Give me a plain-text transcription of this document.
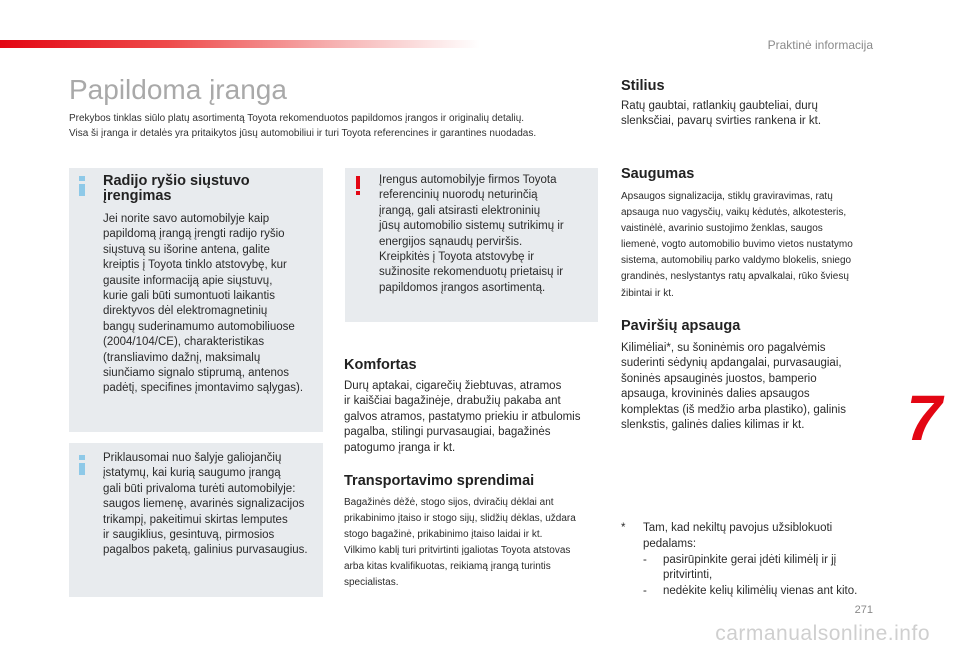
Praktinė informacija
Papildoma įranga
Prekybos tinklas siūlo platų asortimentą Toyota rekomenduotos papildomos įrangos ir originalių detalių.
Visa ši įranga ir detalės yra pritaikytos jūsų automobiliui ir turi Toyota referencines ir garantines nuodadas.
Radijo ryšio siųstuvo įrengimas
Jei norite savo automobilyje kaip
papildomą įrangą įrengti radijo ryšio
siųstuvą su išorine antena, galite
kreiptis į Toyota tinklo atstovybę, kur
gausite informaciją apie siųstuvų,
kurie gali būti sumontuoti laikantis
direktyvos dėl elektromagnetinių
bangų suderinamumo automobiliuose
(2004/104/CE), charakteristikas
(transliavimo dažnį, maksimalų
siunčiamo signalo stiprumą, antenos
padėtį, specifines įmontavimo sąlygas).
Įrengus automobilyje firmos Toyota
referencinių nuorodų neturinčią
įrangą, gali atsirasti elektroninių
jūsų automobilio sistemų sutrikimų ir
energijos sąnaudų perviršis.
Kreipkitės į Toyota atstovybę ir
sužinosite rekomenduotų prietaisų ir
papildomos įrangos asortimentą.
Priklausomai nuo šalyje galiojančių
įstatymų, kai kurią saugumo įrangą
gali būti privaloma turėti automobilyje:
saugos liemenę, avarinės signalizacijos
trikampį, pakeitimui skirtas lemputes
ir saugiklius, gesintuvą, pirmosios
pagalbos paketą, galinius purvasaugius.
Komfortas
Durų aptakai, cigarečių žiebtuvas, atramos
ir kaiščiai bagažinėje, drabužių pakaba ant
galvos atramos, pastatymo priekiu ir atbulomis
pagalba, stilingi purvasaugiai, bagažinės
patogumo įranga ir kt.
Transportavimo sprendimai
Bagažinės dėžė, stogo sijos, dviračių dėklai ant
prikabinimo įtaiso ir stogo sijų, slidžių dėklas, uždara
stogo bagažinė, prikabinimo įtaiso laidai ir kt.
Vilkimo kablį turi pritvirtinti įgaliotas Toyota atstovas
arba kitas kvalifikuotas, reikiamą įrangą turintis
specialistas.
Stilius
Ratų gaubtai, ratlankių gaubteliai, durų
slenksčiai, pavarų svirties rankena ir kt.
Saugumas
Apsaugos signalizacija, stiklų graviravimas, ratų
apsauga nuo vagysčių, vaikų kėdutės, alkotesteris,
vaistinėlė, avarinio sustojimo ženklas, saugos
liemenė, vogto automobilio buvimo vietos nustatymo
sistema, automobilių parko valdymo blokelis, sniego
grandinės, neslystantys ratų apvalkalai, rūko šviesų
žibintai ir kt.
Paviršių apsauga
Kilimėliai*, su šoninėmis oro pagalvėmis
suderinti sėdynių apdangalai, purvasaugiai,
šoninės apsauginės juostos, bamperio
apsauga, krovininės dalies apsaugos
komplektas (iš medžio arba plastiko), galinis
slenkstis, galinės dalies kilimas ir kt.
* Tam, kad nekiltų pavojus užsiblokuoti
pedalams:
- pasirūpinkite gerai įdėti kilimėlį ir jį
pritvirtinti,
- nedėkite kelių kilimėlių vienas ant kito.
7
271
carmanualsonline.info
